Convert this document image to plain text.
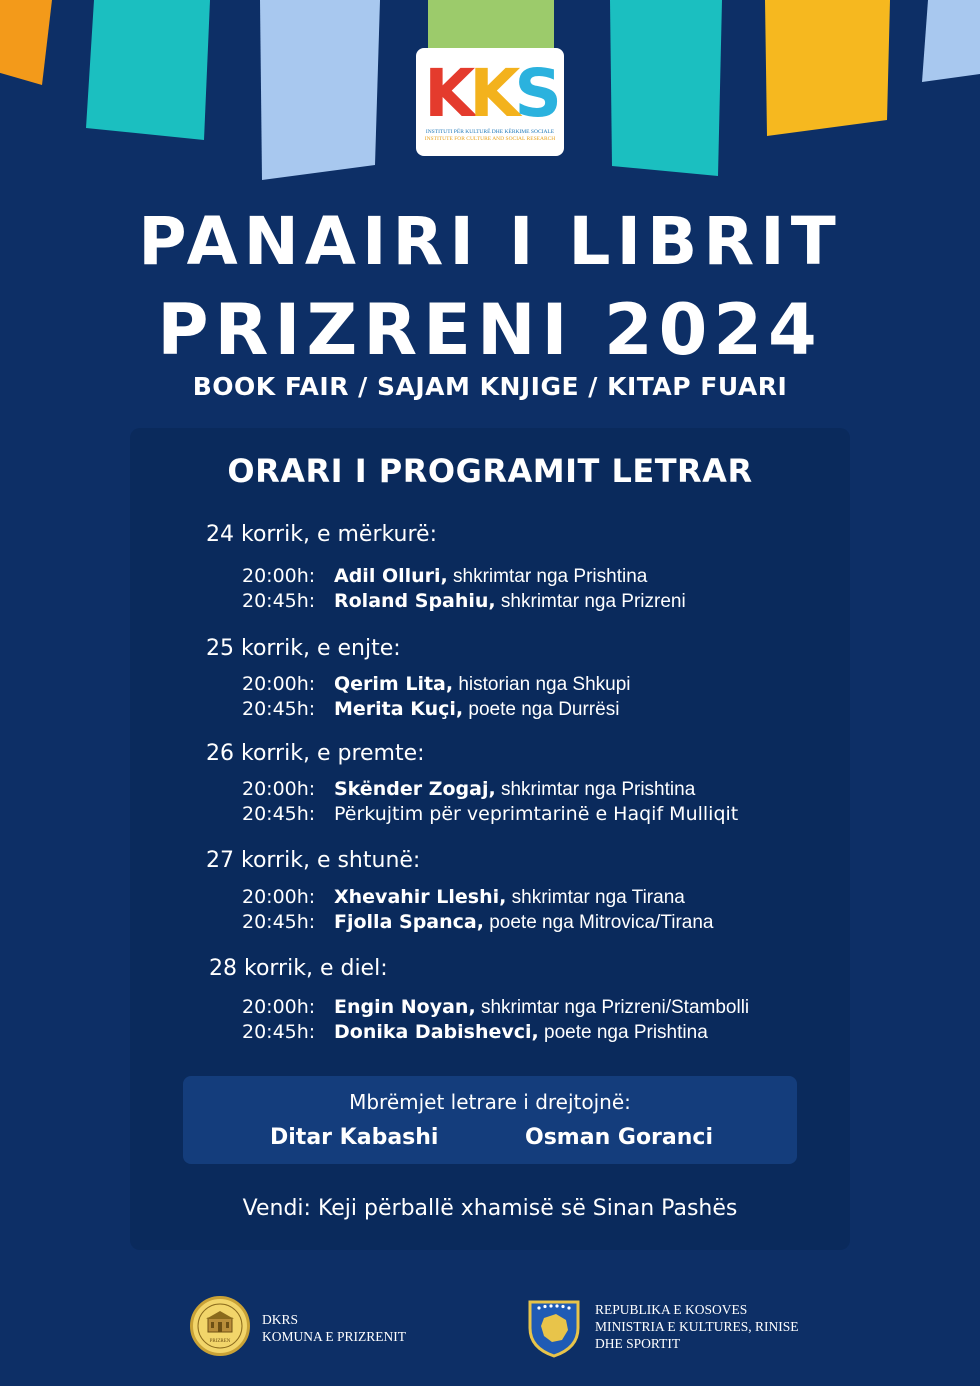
KKS
INSTITUTI PËR KULTURË DHE KËRKIME SOCIALE
INSTITUTE FOR CULTURE AND SOCIAL RESEARCH
PANAIRI I LIBRIT
PRIZRENI 2024
BOOK FAIR / SAJAM KNJIGE / KITAP FUARI
ORARI I PROGRAMIT LETRAR
24 korrik, e mërkurë:
20:00h: Adil Olluri, shkrimtar nga Prishtina
20:45h: Roland Spahiu, shkrimtar nga Prizreni
25 korrik, e enjte:
20:00h: Qerim Lita, historian nga Shkupi
20:45h: Merita Kuçi, poete nga Durrësi
26 korrik, e premte:
20:00h: Skënder Zogaj, shkrimtar nga Prishtina
20:45h: Përkujtim për veprimtarinë e Haqif Mulliqit
27 korrik, e shtunë:
20:00h: Xhevahir Lleshi, shkrimtar nga Tirana
20:45h: Fjolla Spanca, poete nga Mitrovica/Tirana
28 korrik, e diel:
20:00h: Engin Noyan, shkrimtar nga Prizreni/Stambolli
20:45h: Donika Dabishevci, poete nga Prishtina
Mbrëmjet letrare i drejtojnë:
Ditar Kabashi	Osman Goranci
Vendi: Keji përballë xhamisë së Sinan Pashës
PRIZREN
DKRS
KOMUNA E PRIZRENIT
REPUBLIKA E KOSOVES
MINISTRIA E KULTURES, RINISE
DHE SPORTIT
